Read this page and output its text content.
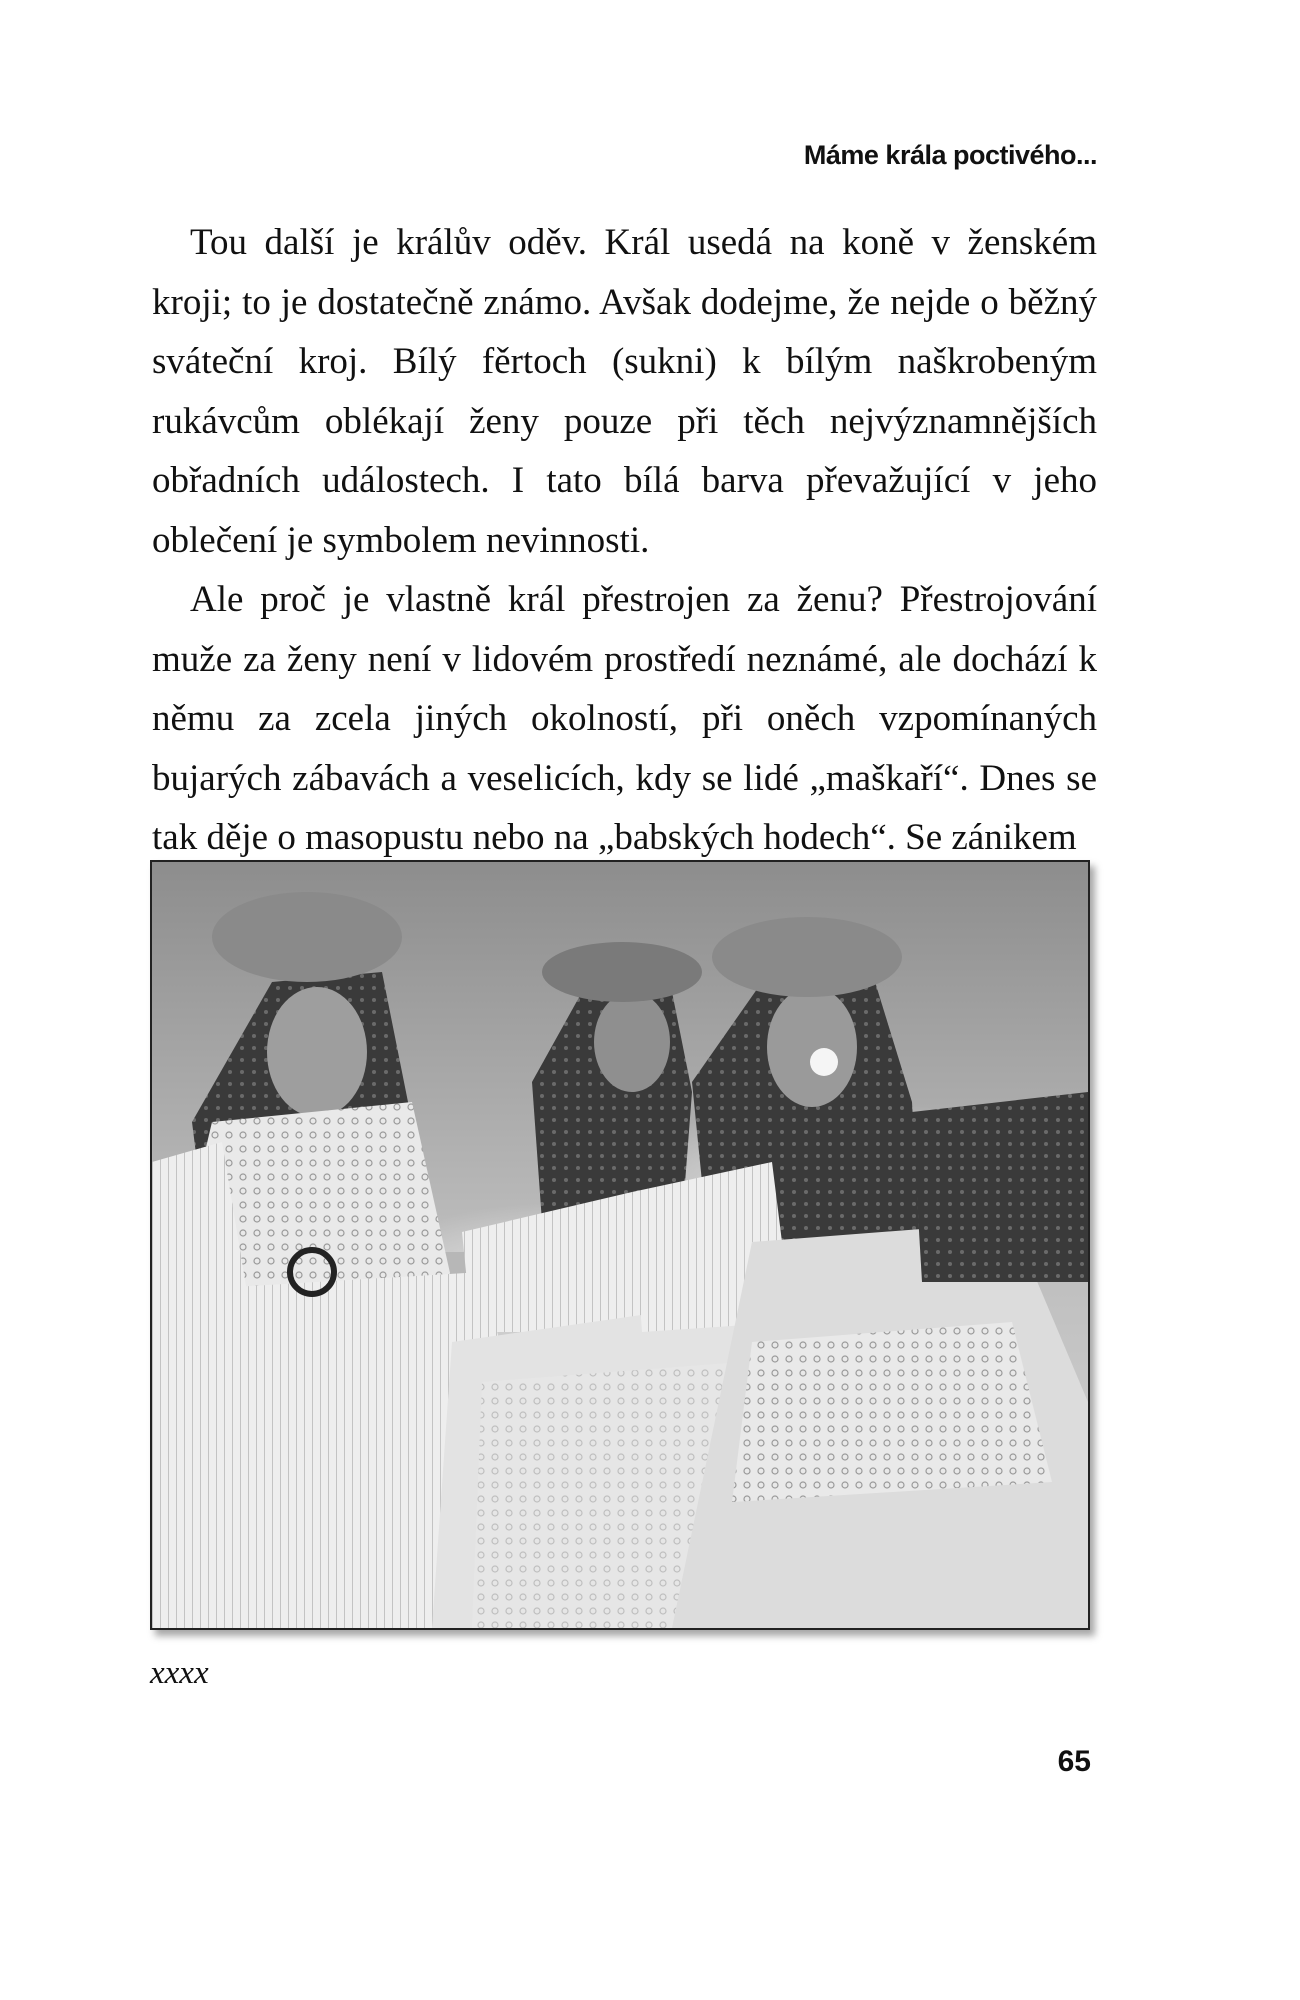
Máme krála poctivého...

Tou další je králův oděv. Král usedá na koně v ženském kroji; to je dostatečně známo. Avšak dodejme, že nejde o běžný sváteční kroj. Bílý fěrtoch (sukni) k bílým naškrobeným rukávcům oblékají ženy pouze při těch nejvýznamnějších obřadních událostech. I tato bílá barva převažující v jeho oblečení je symbolem nevinnosti.

Ale proč je vlastně král přestrojen za ženu? Přestrojování muže za ženy není v lidovém prostředí neznámé, ale dochází k němu za zcela jiných okolností, při oněch vzpomínaných bujarých zábavách a veselicích, kdy se lidé „maškaří“. Dnes se tak děje o masopustu nebo na „babských hodech“. Se zánikem

xxxx
65
